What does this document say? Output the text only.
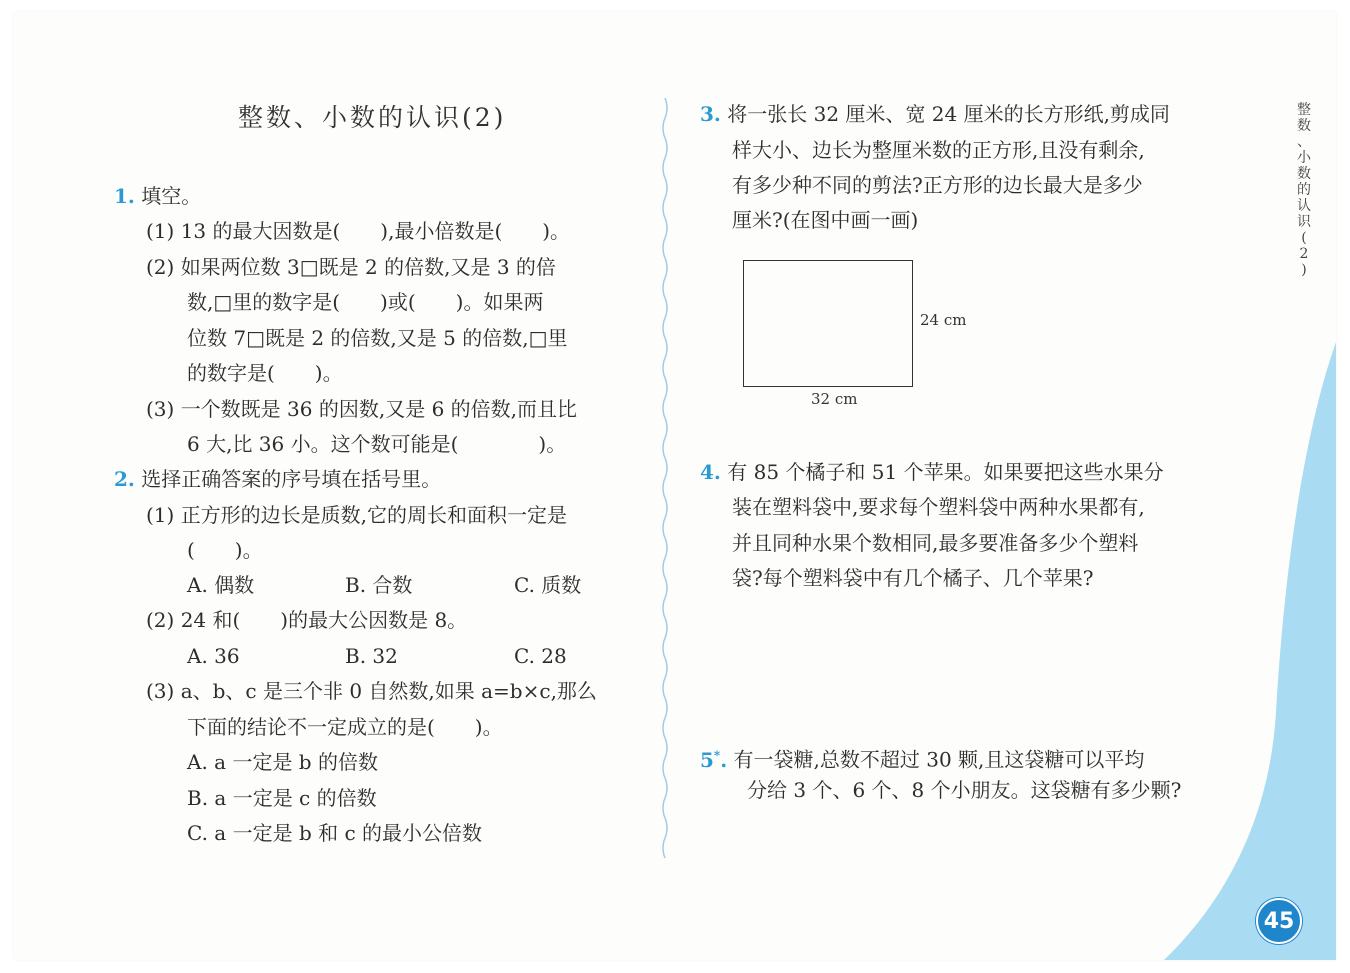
整数、小数的认识(2)
1. 填空。
(1) 13 的最大因数是(　　),最小倍数是(　　)。
(2) 如果两位数 3□既是 2 的倍数,又是 3 的倍
数,□里的数字是(　　)或(　　)。如果两
位数 7□既是 2 的倍数,又是 5 的倍数,□里
的数字是(　　)。
(3) 一个数既是 36 的因数,又是 6 的倍数,而且比
6 大,比 36 小。这个数可能是(　　　　)。
2. 选择正确答案的序号填在括号里。
(1) 正方形的边长是质数,它的周长和面积一定是
(　　)。
A. 偶数	B. 合数	C. 质数
(2) 24 和(　　)的最大公因数是 8。
A. 36	B. 32	C. 28
(3) a、b、c 是三个非 0 自然数,如果 a=b×c,那么
下面的结论不一定成立的是(　　)。
A. a 一定是 b 的倍数
B. a 一定是 c 的倍数
C. a 一定是 b 和 c 的最小公倍数
3. 将一张长 32 厘米、宽 24 厘米的长方形纸,剪成同
样大小、边长为整厘米数的正方形,且没有剩余,
有多少种不同的剪法?正方形的边长最大是多少
厘米?(在图中画一画)
24 cm
32 cm
4. 有 85 个橘子和 51 个苹果。如果要把这些水果分
装在塑料袋中,要求每个塑料袋中两种水果都有,
并且同种水果个数相同,最多要准备多少个塑料
袋?每个塑料袋中有几个橘子、几个苹果?
5*. 有一袋糖,总数不超过 30 颗,且这袋糖可以平均
分给 3 个、6 个、8 个小朋友。这袋糖有多少颗?
整
数
、
小
数
的
认
识
(
2
)
45
